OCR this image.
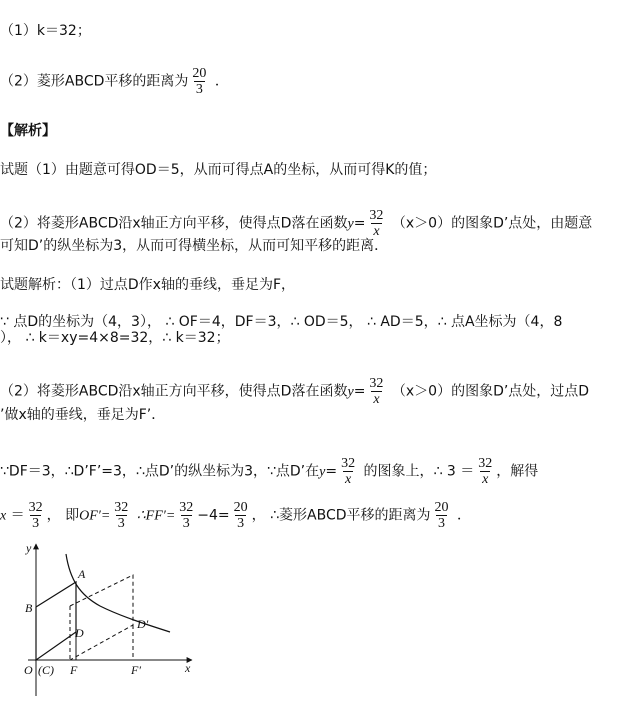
（1）k＝32；
（2）菱形ABCD平移的距离为 $\frac{20}{3}$ ．
【解析】
试题（1）由题意可得OD＝5，从而可得点A的坐标，从而可得K的值；
（2）将菱形ABCD沿x轴正方向平移，使得点D落在函数$y= \frac{32}{x} (x>0)$的图象D’点处，由题意
可知D’的纵坐标为3，从而可得横坐标，从而可知平移的距离．
试题解析：（1）过点D作x轴的垂线，垂足为F，
∵ 点D的坐标为（4，3）， ∴ OF＝4，DF＝3，∴ OD＝5， ∴ AD＝5，∴ 点A坐标为（4，8
）， ∴ k＝xy=4×8=32，∴ k＝32；
（2）将菱形ABCD沿x轴正方向平移，使得点D落在函数$y= \frac{32}{x} (x>0)$的图象D’点处，过点D
’做x轴的垂线，垂足为F’．
∵DF＝3，∴D’F’=3，∴点D’的纵坐标为3，∵点D’在$y= \frac{32}{x}$ 的图象上，∴ $3 = \frac{32}{x}$ ，解得
$x = \frac{32}{3}$ ， 即$OF'= \frac{32}{3}$ ∴FF′= $\frac{32}{3} -4= \frac{20}{3}$ ， ∴菱形ABCD平移的距离为 $\frac{20}{3}$ ．
y
x
O (C)
A
B
D
D′
F	F′
